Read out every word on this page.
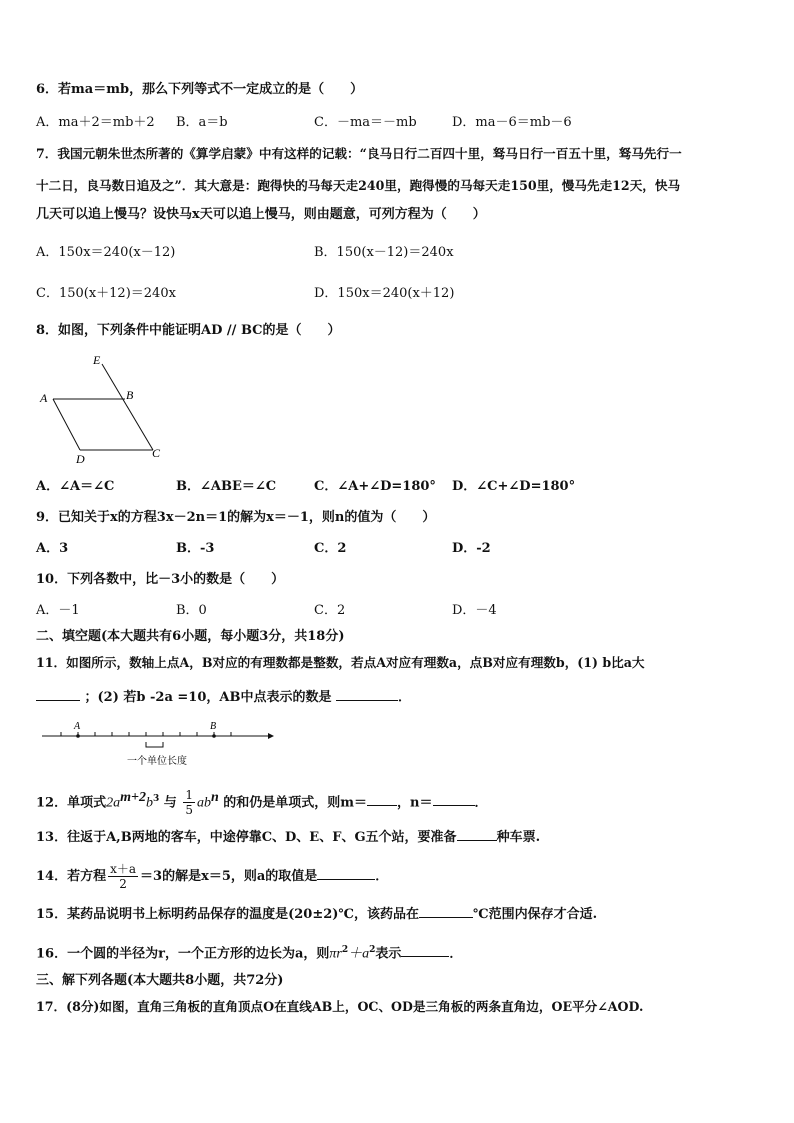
6．若ma＝mb，那么下列等式不一定成立的是（　　）
A．ma＋2＝mb＋2 B．a＝b	C．－ma＝－mb	D．ma－6＝mb－6
7．我国元朝朱世杰所著的《算学启蒙》中有这样的记载：“良马日行二百四十里，驽马日行一百五十里，驽马先行一
十二日，良马数日追及之”．其大意是：跑得快的马每天走240里，跑得慢的马每天走150里，慢马先走12天，快马
几天可以追上慢马？设快马x天可以追上慢马，则由题意，可列方程为（　　）
A．150x＝240(x－12)	B．150(x－12)＝240x
C．150(x＋12)＝240x	D．150x＝240(x＋12)
8．如图，下列条件中能证明AD // BC的是（　　）
E
B
A
D	C
A．∠A＝∠C	B．∠ABE＝∠C	C．∠A+∠D=180° D．∠C+∠D=180°
9．已知关于x的方程3x－2n＝1的解为x＝－1，则n的值为（　　）
A．3	B．-3	C．2	D．-2
10．下列各数中，比－3小的数是（　　）
A．－1	B．0	C．2	D．－4
二、填空题(本大题共有6小题，每小题3分，共18分)
11．如图所示，数轴上点A，B对应的有理数都是整数，若点A对应有理数a，点B对应有理数b，(1) b比a大
；(2) 若b -2a =10，AB中点表示的数是	．
A	B
一个单位长度
12．单项式$2a^{m+2}b^3$ 与 $\frac{1}{5} ab^n$ 的和仍是单项式，则m＝ ，n＝	．
13．往返于A,B两地的客车，中途停靠C、D、E、F、G五个站，要准备	种车票.
14．若方程 $\frac{x+a}{2} =3$的解是x＝5，则a的取值是	．
15．某药品说明书上标明药品保存的温度是(20±2)℃，该药品在	℃范围内保存才合适.
16．一个圆的半径为r，一个正方形的边长为a，则$\pi r^2+a^2$表示	．
三、解下列各题(本大题共8小题，共72分)
17．(8分)如图，直角三角板的直角顶点O在直线AB上，OC、OD是三角板的两条直角边，OE平分∠AOD.
